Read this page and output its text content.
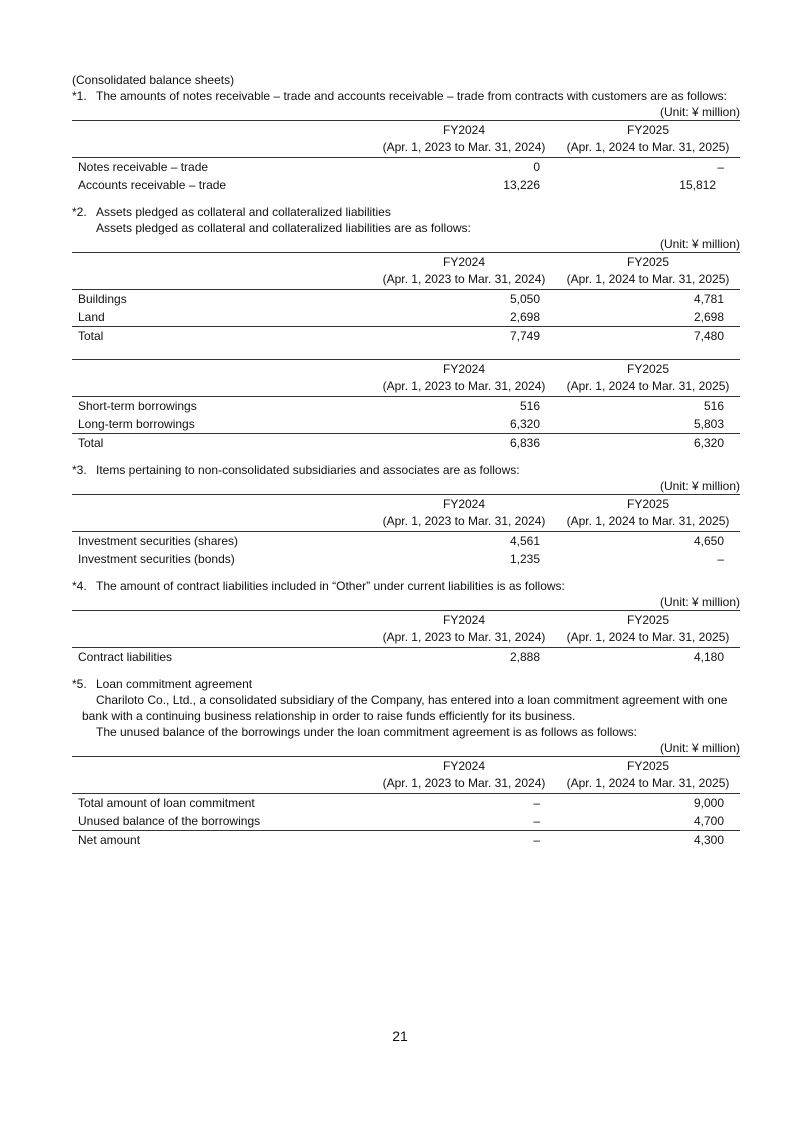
(Consolidated balance sheets)

*1. The amounts of notes receivable – trade and accounts receivable – trade from contracts with customers are as follows:

(Unit: ¥ million)

	FY2024	FY2025
	(Apr. 1, 2023 to Mar. 31, 2024)	(Apr. 1, 2024 to Mar. 31, 2025)
Notes receivable – trade	0	–
Accounts receivable – trade	13,226	15,812

*2. Assets pledged as collateral and collateralized liabilities

Assets pledged as collateral and collateralized liabilities are as follows:

(Unit: ¥ million)

	FY2024	FY2025
	(Apr. 1, 2023 to Mar. 31, 2024)	(Apr. 1, 2024 to Mar. 31, 2025)
Buildings	5,050	4,781
Land	2,698	2,698
Total	7,749	7,480
	FY2024	FY2025
	(Apr. 1, 2023 to Mar. 31, 2024)	(Apr. 1, 2024 to Mar. 31, 2025)
Short-term borrowings	516	516
Long-term borrowings	6,320	5,803
Total	6,836	6,320

*3. Items pertaining to non-consolidated subsidiaries and associates are as follows:

(Unit: ¥ million)

	FY2024	FY2025
	(Apr. 1, 2023 to Mar. 31, 2024)	(Apr. 1, 2024 to Mar. 31, 2025)
Investment securities (shares)	4,561	4,650
Investment securities (bonds)	1,235	–

*4. The amount of contract liabilities included in “Other” under current liabilities is as follows:

(Unit: ¥ million)

	FY2024	FY2025
	(Apr. 1, 2023 to Mar. 31, 2024)	(Apr. 1, 2024 to Mar. 31, 2025)
Contract liabilities	2,888	4,180

*5. Loan commitment agreement

Chariloto Co., Ltd., a consolidated subsidiary of the Company, has entered into a loan commitment agreement with one bank with a continuing business relationship in order to raise funds efficiently for its business.

The unused balance of the borrowings under the loan commitment agreement is as follows as follows:

(Unit: ¥ million)

	FY2024	FY2025
	(Apr. 1, 2023 to Mar. 31, 2024)	(Apr. 1, 2024 to Mar. 31, 2025)
Total amount of loan commitment	–	9,000
Unused balance of the borrowings	–	4,700
Net amount	–	4,300
21
